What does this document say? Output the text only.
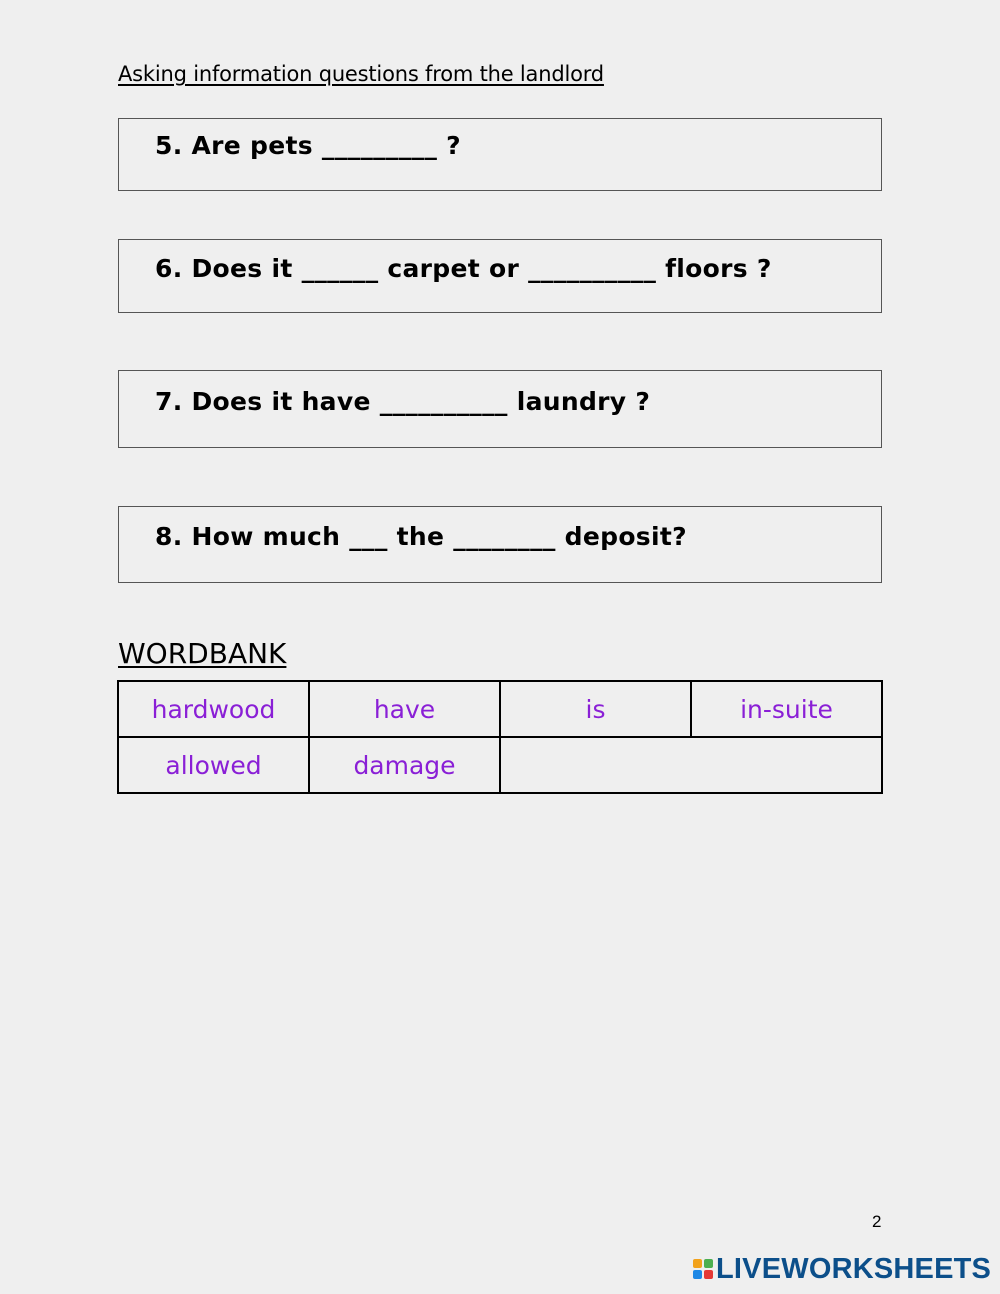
Asking information questions from the landlord
5. Are pets _________ ?
6. Does it ______ carpet or __________ floors ?
7. Does it have __________ laundry ?
8. How much ___ the ________ deposit?
WORDBANK
hardwood	have	is	in-suite
allowed	damage		
2
LIVEWORKSHEETS
